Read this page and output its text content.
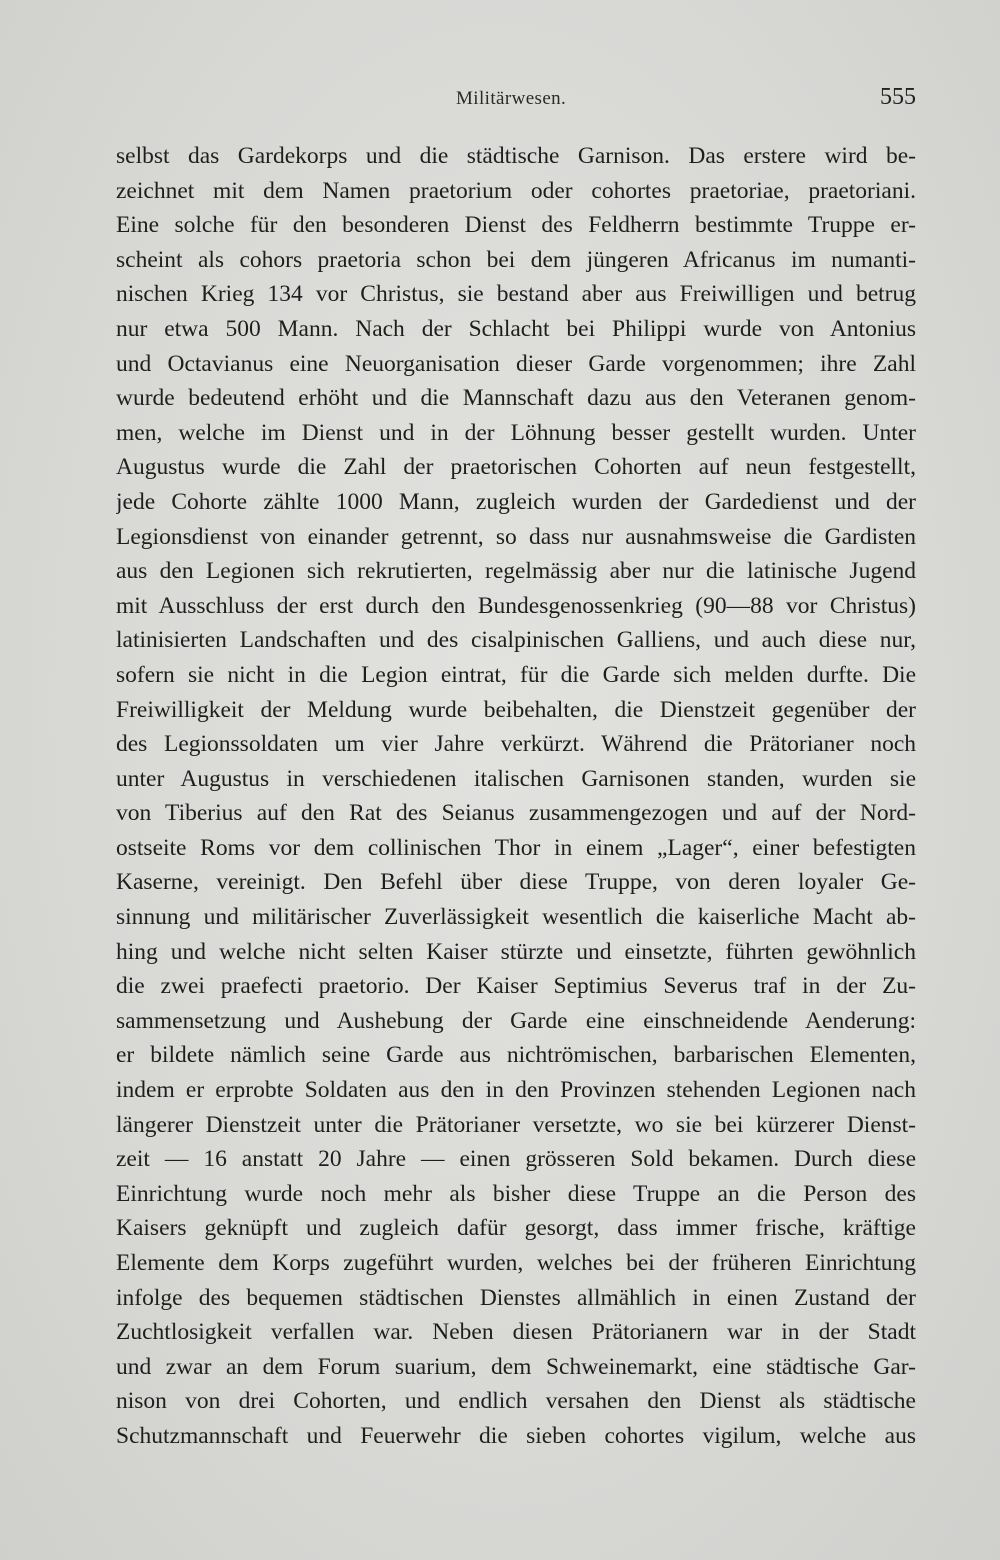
Militärwesen.	555
selbst das Gardekorps und die städtische Garnison. Das erstere wird be-
zeichnet mit dem Namen praetorium oder cohortes praetoriae, praetoriani.
Eine solche für den besonderen Dienst des Feldherrn bestimmte Truppe er-
scheint als cohors praetoria schon bei dem jüngeren Africanus im numanti-
nischen Krieg 134 vor Christus, sie bestand aber aus Freiwilligen und betrug
nur etwa 500 Mann. Nach der Schlacht bei Philippi wurde von Antonius
und Octavianus eine Neuorganisation dieser Garde vorgenommen; ihre Zahl
wurde bedeutend erhöht und die Mannschaft dazu aus den Veteranen genom-
men, welche im Dienst und in der Löhnung besser gestellt wurden. Unter
Augustus wurde die Zahl der praetorischen Cohorten auf neun festgestellt,
jede Cohorte zählte 1000 Mann, zugleich wurden der Gardedienst und der
Legionsdienst von einander getrennt, so dass nur ausnahmsweise die Gardisten
aus den Legionen sich rekrutierten, regelmässig aber nur die latinische Jugend
mit Ausschluss der erst durch den Bundesgenossenkrieg (90—88 vor Christus)
latinisierten Landschaften und des cisalpinischen Galliens, und auch diese nur,
sofern sie nicht in die Legion eintrat, für die Garde sich melden durfte. Die
Freiwilligkeit der Meldung wurde beibehalten, die Dienstzeit gegenüber der
des Legionssoldaten um vier Jahre verkürzt. Während die Prätorianer noch
unter Augustus in verschiedenen italischen Garnisonen standen, wurden sie
von Tiberius auf den Rat des Seianus zusammengezogen und auf der Nord-
ostseite Roms vor dem collinischen Thor in einem „Lager“, einer befestigten
Kaserne, vereinigt. Den Befehl über diese Truppe, von deren loyaler Ge-
sinnung und militärischer Zuverlässigkeit wesentlich die kaiserliche Macht ab-
hing und welche nicht selten Kaiser stürzte und einsetzte, führten gewöhnlich
die zwei praefecti praetorio. Der Kaiser Septimius Severus traf in der Zu-
sammensetzung und Aushebung der Garde eine einschneidende Aenderung:
er bildete nämlich seine Garde aus nichtrömischen, barbarischen Elementen,
indem er erprobte Soldaten aus den in den Provinzen stehenden Legionen nach
längerer Dienstzeit unter die Prätorianer versetzte, wo sie bei kürzerer Dienst-
zeit — 16 anstatt 20 Jahre — einen grösseren Sold bekamen. Durch diese
Einrichtung wurde noch mehr als bisher diese Truppe an die Person des
Kaisers geknüpft und zugleich dafür gesorgt, dass immer frische, kräftige
Elemente dem Korps zugeführt wurden, welches bei der früheren Einrichtung
infolge des bequemen städtischen Dienstes allmählich in einen Zustand der
Zuchtlosigkeit verfallen war. Neben diesen Prätorianern war in der Stadt
und zwar an dem Forum suarium, dem Schweinemarkt, eine städtische Gar-
nison von drei Cohorten, und endlich versahen den Dienst als städtische
Schutzmannschaft und Feuerwehr die sieben cohortes vigilum, welche aus
